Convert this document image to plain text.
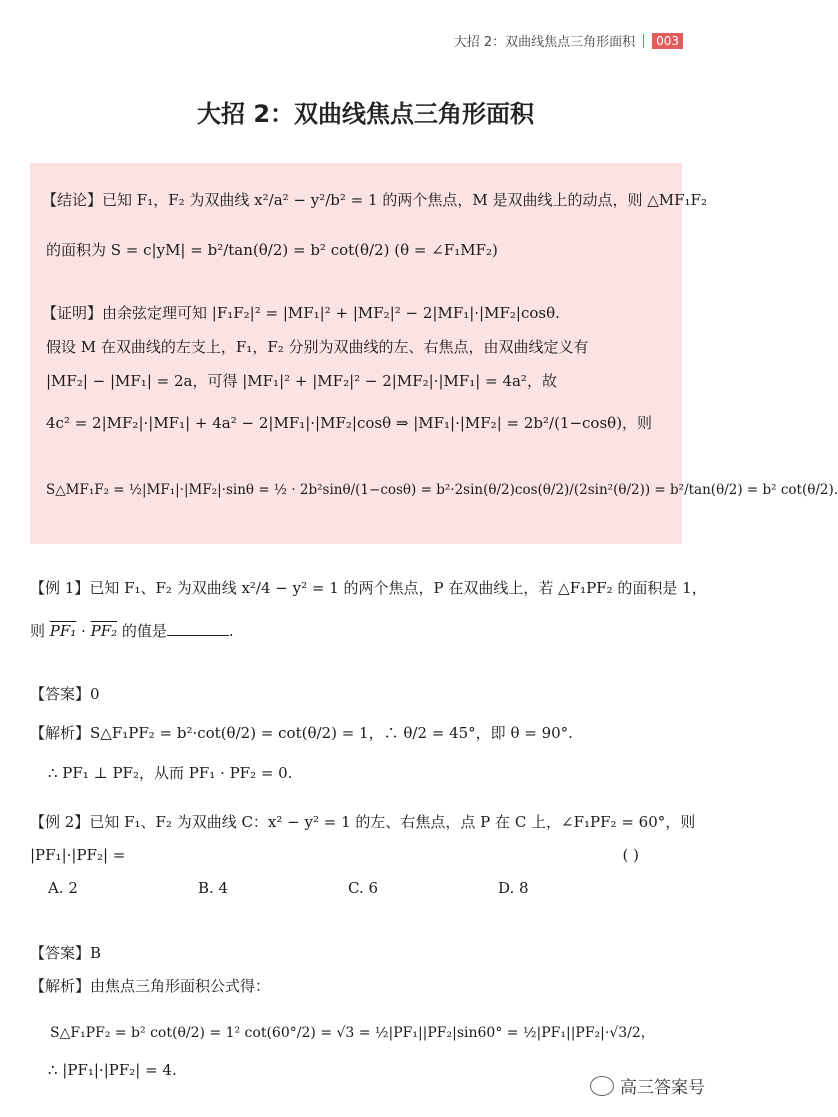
大招 2：双曲线焦点三角形面积	003
大招 2：双曲线焦点三角形面积
【结论】已知 F₁，F₂ 为双曲线 x²/a² − y²/b² = 1 的两个焦点，M 是双曲线上的动点，则 △MF₁F₂
的面积为 S = c|yM| = b²/tan(θ/2) = b² cot(θ/2) (θ = ∠F₁MF₂)
【证明】由余弦定理可知 |F₁F₂|² = |MF₁|² + |MF₂|² − 2|MF₁|·|MF₂|cosθ.
假设 M 在双曲线的左支上，F₁，F₂ 分别为双曲线的左、右焦点，由双曲线定义有
|MF₂| − |MF₁| = 2a，可得 |MF₁|² + |MF₂|² − 2|MF₂|·|MF₁| = 4a²，故
4c² = 2|MF₂|·|MF₁| + 4a² − 2|MF₁|·|MF₂|cosθ ⇒ |MF₁|·|MF₂| = 2b²/(1−cosθ)，则
S△MF₁F₂ = ½|MF₁|·|MF₂|·sinθ = ½ · 2b²sinθ/(1−cosθ) = b²·2sin(θ/2)cos(θ/2)/(2sin²(θ/2)) = b²/tan(θ/2) = b² cot(θ/2).
【例 1】已知 F₁、F₂ 为双曲线 x²/4 − y² = 1 的两个焦点，P 在双曲线上，若 △F₁PF₂ 的面积是 1，
则 PF₁ · PF₂ 的值是	.
【答案】0
【解析】S△F₁PF₂ = b²·cot(θ/2) = cot(θ/2) = 1，∴ θ/2 = 45°，即 θ = 90°.
∴ PF₁ ⊥ PF₂，从而 PF₁ · PF₂ = 0.
【例 2】已知 F₁、F₂ 为双曲线 C：x² − y² = 1 的左、右焦点，点 P 在 C 上，∠F₁PF₂ = 60°，则
|PF₁|·|PF₂| =	( )
A. 2	B. 4	C. 6	D. 8
【答案】B
【解析】由焦点三角形面积公式得：
S△F₁PF₂ = b² cot(θ/2) = 1² cot(60°/2) = √3 = ½|PF₁||PF₂|sin60° = ½|PF₁||PF₂|·√3/2，
∴ |PF₁|·|PF₂| = 4.
高三答案号
